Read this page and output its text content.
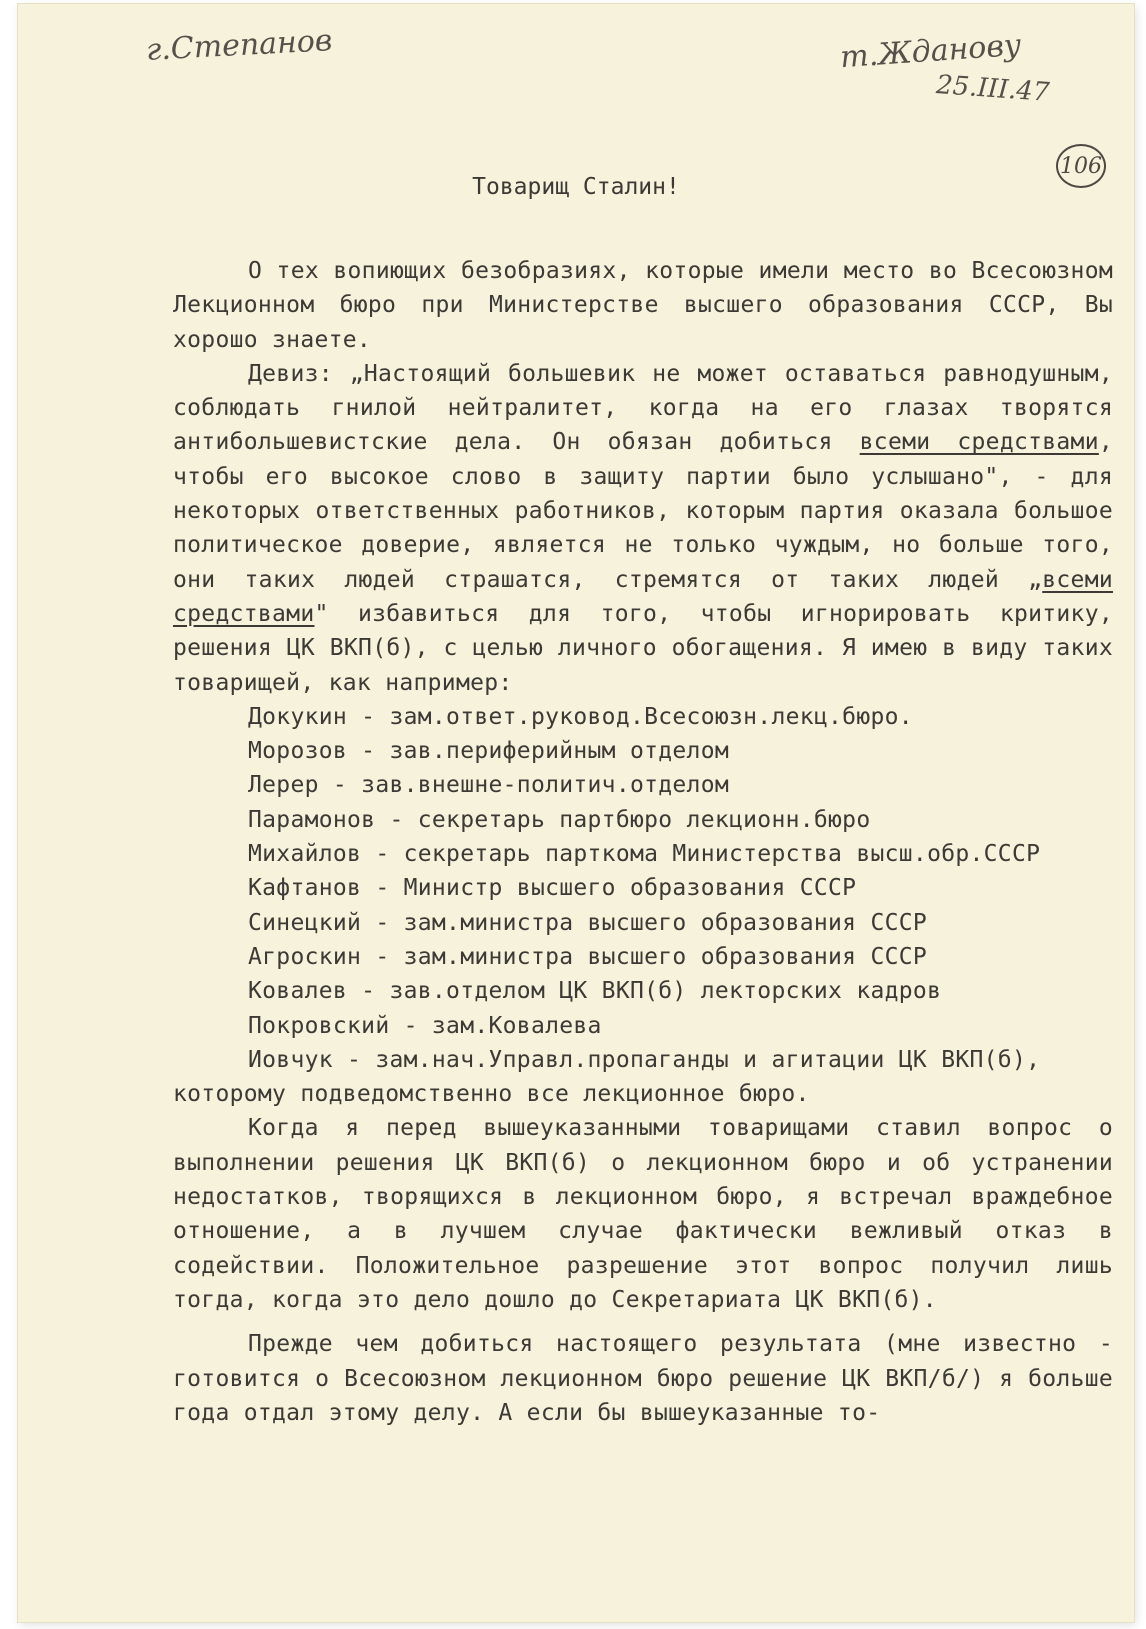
г.Степанов	т.Жданову
25.III.47
106
Товарищ Сталин!

О тех вопиющих безобразиях, которые имели место во Всесоюзном Лекционном бюро при Министерстве высшего образования СССР, Вы хорошо знаете.

Девиз: „Настоящий большевик не может оставаться равнодушным, соблюдать гнилой нейтралитет, когда на его глазах творятся антибольшевистские дела. Он обязан добиться всеми средствами, чтобы его высокое слово в защиту партии было услышано", - для некоторых ответственных работников, которым партия оказала большое политическое доверие, является не только чуждым, но больше того, они таких людей страшатся, стремятся от таких людей „всеми средствами" избавиться для того, чтобы игнорировать критику, решения ЦК ВКП(б), с целью личного обогащения. Я имею в виду таких товарищей, как например:

Докукин - зам.ответ.руковод.Всесоюзн.лекц.бюро.
Морозов - зав.периферийным отделом
Лерер - зав.внешне-политич.отделом
Парамонов - секретарь партбюро лекционн.бюро
Михайлов - секретарь парткома Министерства высш.обр.СССР
Кафтанов - Министр высшего образования СССР
Синецкий - зам.министра высшего образования СССР
Агроскин - зам.министра высшего образования СССР
Ковалев - зав.отделом ЦК ВКП(б) лекторских кадров
Покровский - зам.Ковалева
Иовчук - зам.нач.Управл.пропаганды и агитации ЦК ВКП(б),
которому подведомственно все лекционное бюро.

Когда я перед вышеуказанными товарищами ставил вопрос о выполнении решения ЦК ВКП(б) о лекционном бюро и об устранении недостатков, творящихся в лекционном бюро, я встречал враждебное отношение, а в лучшем случае фактически вежливый отказ в содействии. Положительное разрешение этот вопрос получил лишь тогда, когда это дело дошло до Секретариата ЦК ВКП(б).

Прежде чем добиться настоящего результата (мне известно - готовится о Всесоюзном лекционном бюро решение ЦК ВКП/б/) я больше года отдал этому делу. А если бы вышеуказанные то-
